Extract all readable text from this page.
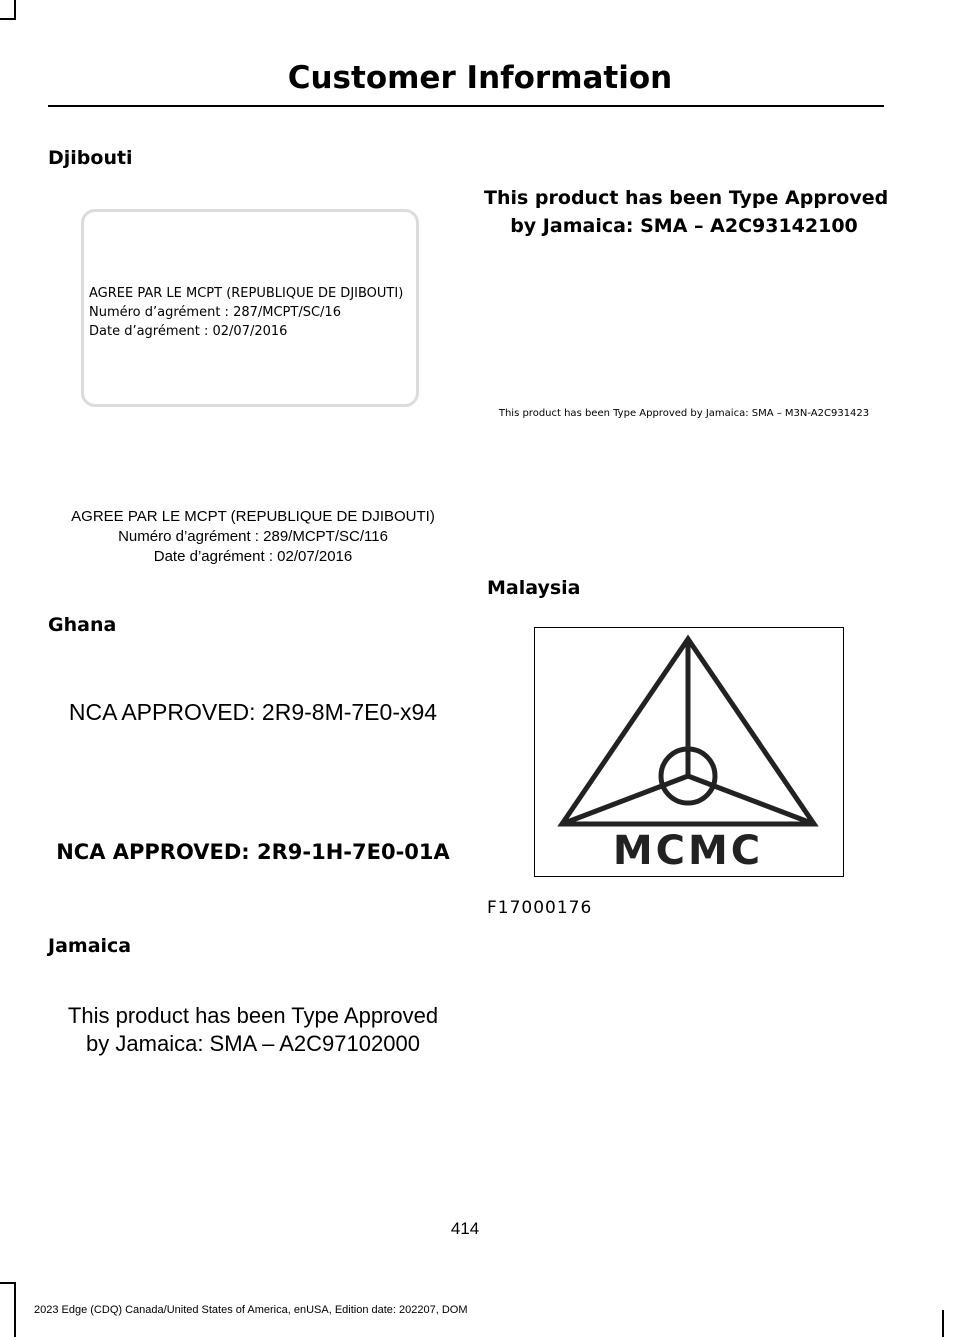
Customer Information
Djibouti
AGREE PAR LE MCPT (REPUBLIQUE DE DJIBOUTI)
Numéro d’agrément : 287/MCPT/SC/16
Date d’agrément : 02/07/2016
AGREE PAR LE MCPT (REPUBLIQUE DE DJIBOUTI)
Numéro d’agrément : 289/MCPT/SC/116
Date d’agrément : 02/07/2016
Ghana
NCA APPROVED: 2R9-8M-7E0-x94
NCA APPROVED: 2R9-1H-7E0-01A
Jamaica
This product has been Type Approved
by Jamaica: SMA – A2C97102000
This product has been Type Approved
by Jamaica: SMA – A2C93142100
This product has been Type Approved by Jamaica: SMA – M3N-A2C931423
Malaysia
MCMC
F17000176
414
2023 Edge (CDQ) Canada/United States of America, enUSA, Edition date: 202207, DOM
